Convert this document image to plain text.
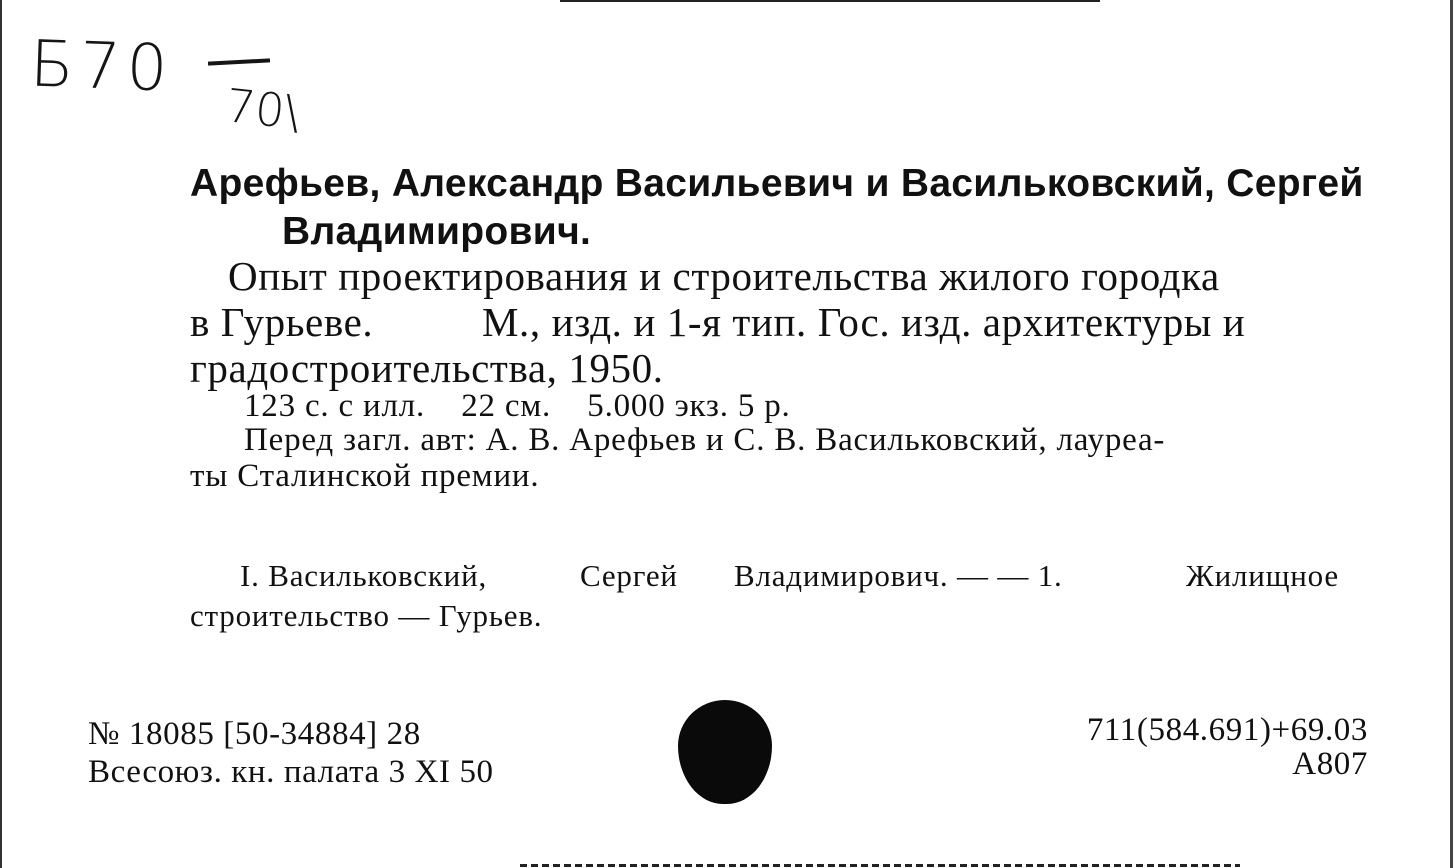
Б70
70\
Арефьев, Александр Васильевич и Васильковский, Сергей
Владимирович.
Опыт проектирования и строительства жилого городка
в Гурьеве.	М., изд. и 1-я тип. Гос. изд. архитектуры и
градостроительства, 1950.
123 с. с илл.    22 см.    5.000 экз. 5 р.
Перед загл. авт: А. В. Арефьев и С. В. Васильковский, лауреа-
ты Сталинской премии.
I. Васильковский,	Сергей Владимирович. — — 1.	Жилищное
строительство — Гурьев.
№ 18085 [50-34884] 28
Всесоюз. кн. палата 3 XI 50
711(584.691)+69.03
А807
